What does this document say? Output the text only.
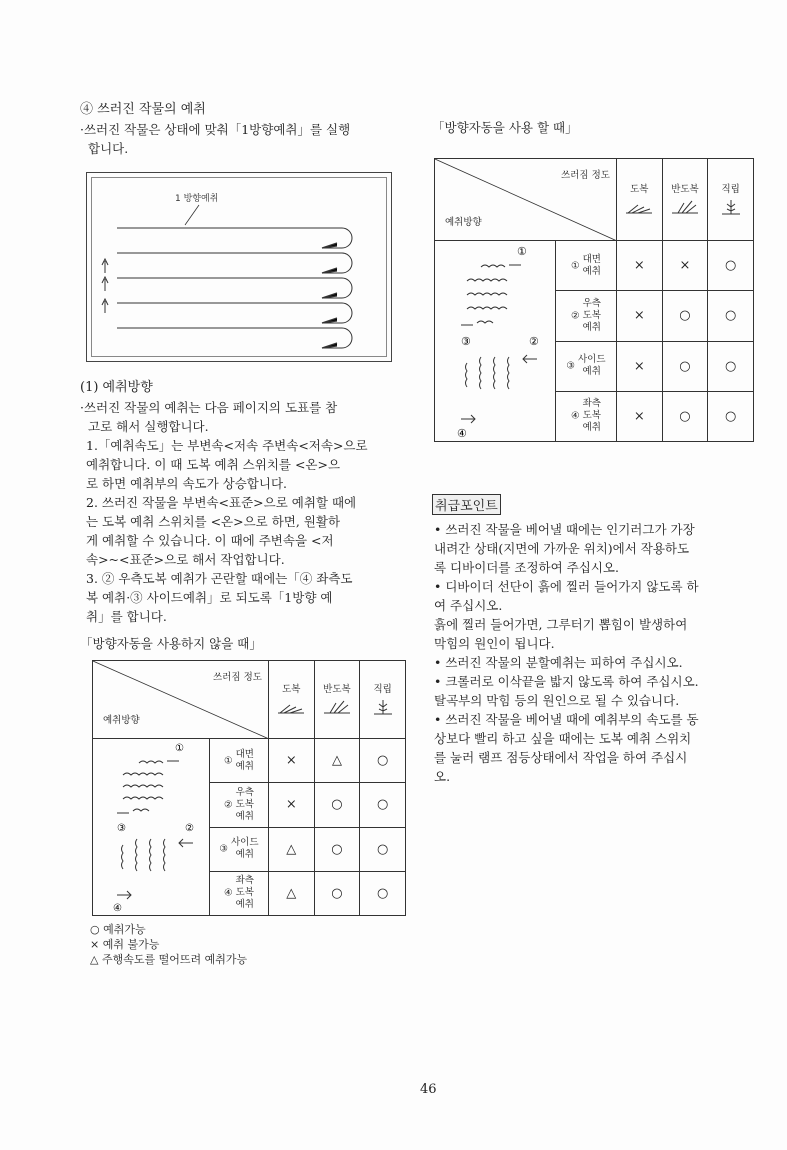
④ 쓰러진 작물의 예취
·쓰러진 작물은 상태에 맞춰「1방향예취」를 실행
합니다.
1 방향예취
(1) 예취방향
·쓰러진 작물의 예취는 다음 페이지의 도표를 참
고로 해서 실행합니다.
1.「예취속도」는 부변속<저속 주변속<저속>으로
예취합니다. 이 때 도복 예취 스위치를 <온>으
로 하면 예취부의 속도가 상승합니다.
2. 쓰러진 작물을 부변속<표준>으로 예취할 때에
는 도복 예취 스위치를 <온>으로 하면, 원활하
게 예취할 수 있습니다. 이 때에 주변속을 <저
속>~<표준>으로 해서 작업합니다.
3. ② 우측도복 예취가 곤란할 때에는「④ 좌측도
복 예취·③ 사이드예취」로 되도록「1방향 예
취」를 합니다.
「방향자동을 사용하지 않을 때」
쓰러짐 정도
예취방향		도복	반도복	직립

①
③ ②
④	①
대면
예취	×	△	○
	②
우측
도복
예취	×	○	○
	③
사이드
예취	△	○	○
	④
좌측
도복
예취	△	○	○
○ 예취가능
× 예취 불가능
△ 주행속도를 떨어뜨려 예취가능
「방향자동을 사용 할 때」
쓰러짐 정도
예취방향		도복	반도복	직립

①
③ ②
④	①
대면
예취	×	×	○
	②
우측
도복
예취	×	○	○
	③
사이드
예취	×	○	○
	④
좌측
도복
예취	×	○	○
취급포인트
• 쓰러진 작물을 베어낼 때에는 인기러그가 가장
내려간 상태(지면에 가까운 위치)에서 작용하도
록 디바이더를 조정하여 주십시오.
• 디바이더 선단이 흙에 찔러 들어가지 않도록 하
여 주십시오.
흙에 찔러 들어가면, 그루터기 뽑힘이 발생하여
막힘의 원인이 됩니다.
• 쓰러진 작물의 분할예취는 피하여 주십시오.
• 크롤러로 이삭끝을 밟지 않도록 하여 주십시오.
탈곡부의 막힘 등의 원인으로 될 수 있습니다.
• 쓰러진 작물을 베어낼 때에 예취부의 속도를 동
상보다 빨리 하고 싶을 때에는 도복 예취 스위치
를 눌러 램프 점등상태에서 작업을 하여 주십시
오.
46
